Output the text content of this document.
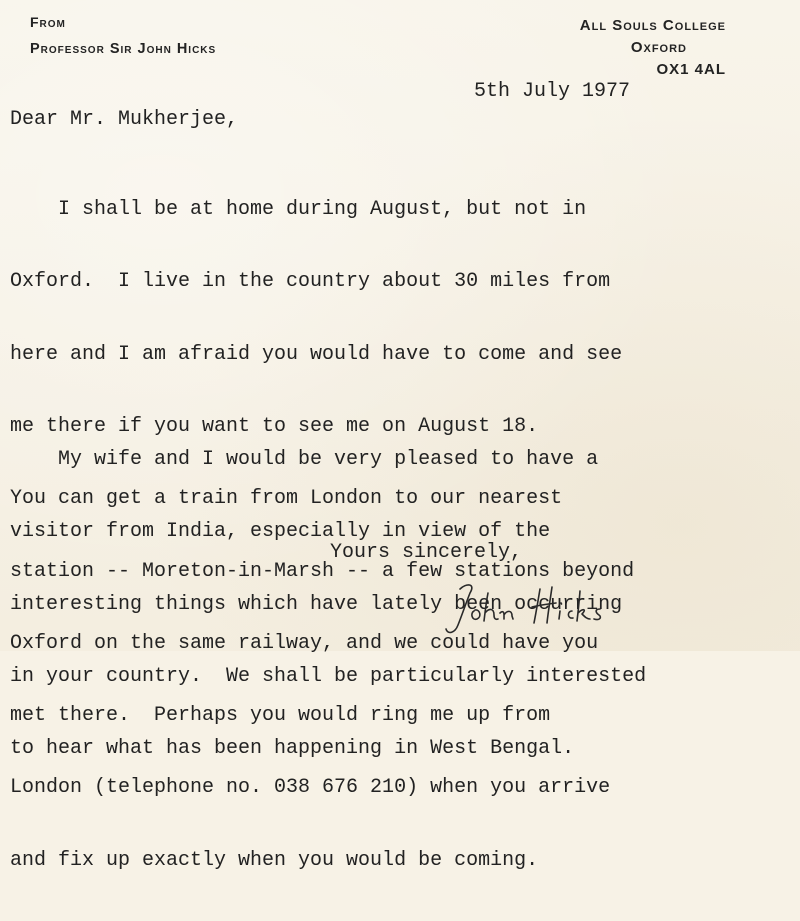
From
Professor Sir John Hicks
All Souls College
Oxford
OX1 4AL
5th July 1977
Dear Mr. Mukherjee,

I shall be at home during August, but not in

Oxford.  I live in the country about 30 miles from

here and I am afraid you would have to come and see

me there if you want to see me on August 18.

You can get a train from London to our nearest

station -- Moreton-in-Marsh -- a few stations beyond

Oxford on the same railway, and we could have you

met there.  Perhaps you would ring me up from

London (telephone no. 038 676 210) when you arrive

and fix up exactly when you would be coming.

My wife and I would be very pleased to have a

visitor from India, especially in view of the

interesting things which have lately been occurring

in your country.  We shall be particularly interested

to hear what has been happening in West Bengal.

Yours sincerely,
